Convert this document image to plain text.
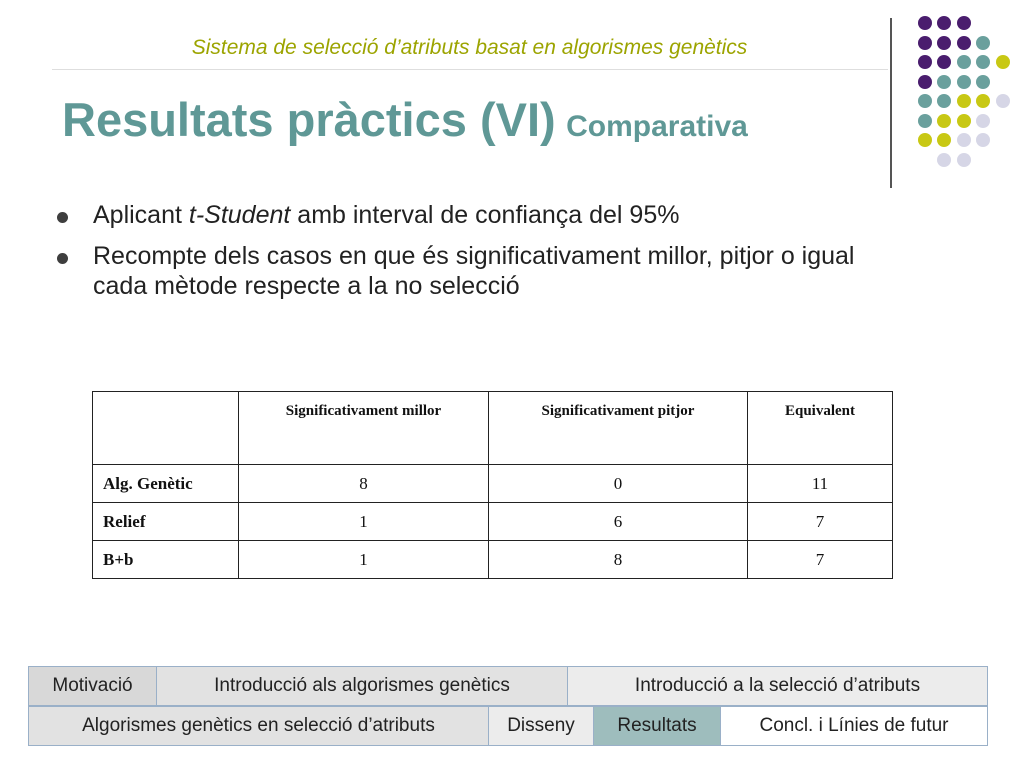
Sistema de selecció d’atributs basat en algorismes genètics
Resultats pràctics (VI) Comparativa
Aplicant t-Student amb interval de confiança del 95%
Recompte dels casos en que és significativament millor, pitjor o igual cada mètode respecte a la no selecció
	Significativament millor	Significativament pitjor	Equivalent
Alg. Genètic	8	0	11
Relief	1	6	7
B+b	1	8	7
Motivació	Introducció als algorismes genètics	Introducció a la selecció d’atributs
Algorismes genètics en selecció d’atributs	Disseny	Resultats	Concl. i Línies de futur
